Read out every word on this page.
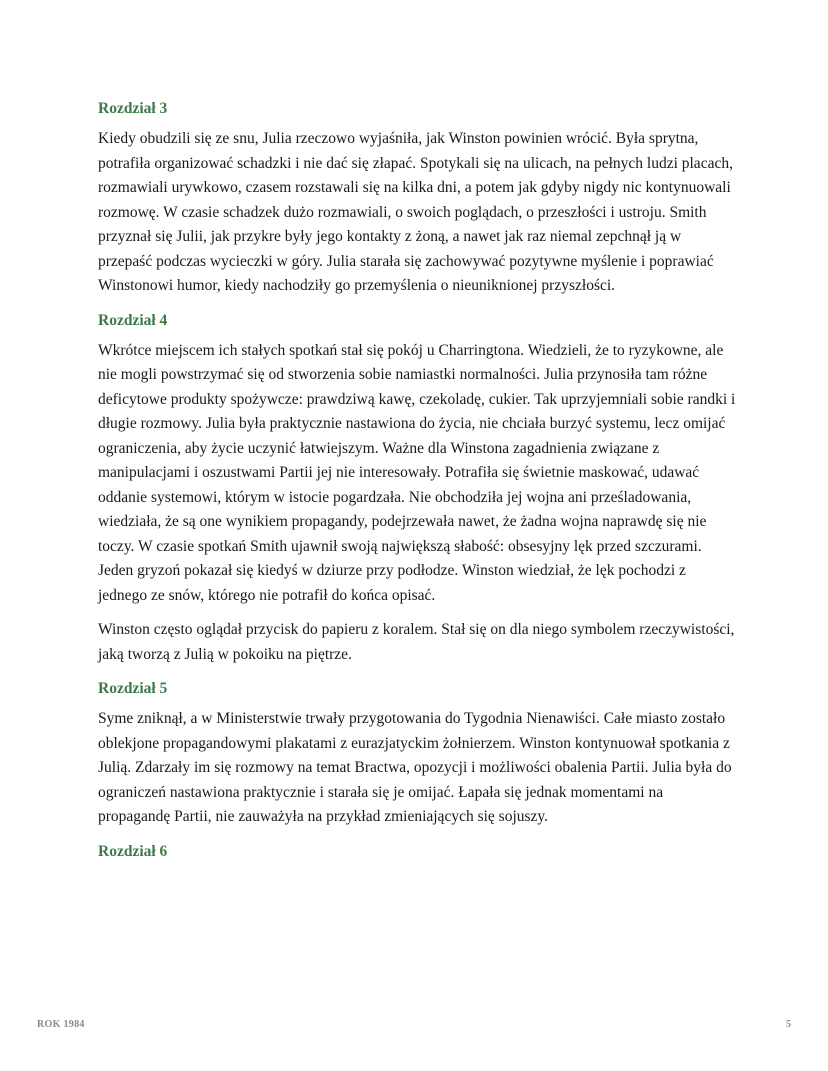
Rozdział 3

Kiedy obudzili się ze snu, Julia rzeczowo wyjaśniła, jak Winston powinien wrócić. Była sprytna, potrafiła organizować schadzki i nie dać się złapać. Spotykali się na ulicach, na pełnych ludzi placach, rozmawiali urywkowo, czasem rozstawali się na kilka dni, a potem jak gdyby nigdy nic kontynuowali rozmowę. W czasie schadzek dużo rozmawiali, o swoich poglądach, o przeszłości i ustroju. Smith przyznał się Julii, jak przykre były jego kontakty z żoną, a nawet jak raz niemal zepchnął ją w przepaść podczas wycieczki w góry. Julia starała się zachowywać pozytywne myślenie i poprawiać Winstonowi humor, kiedy nachodziły go przemyślenia o nieuniknionej przyszłości.

Rozdział 4

Wkrótce miejscem ich stałych spotkań stał się pokój u Charringtona. Wiedzieli, że to ryzykowne, ale nie mogli powstrzymać się od stworzenia sobie namiastki normalności. Julia przynosiła tam różne deficytowe produkty spożywcze: prawdziwą kawę, czekoladę, cukier. Tak uprzyjemniali sobie randki i długie rozmowy. Julia była praktycznie nastawiona do życia, nie chciała burzyć systemu, lecz omijać ograniczenia, aby życie uczynić łatwiejszym. Ważne dla Winstona zagadnienia związane z manipulacjami i oszustwami Partii jej nie interesowały. Potrafiła się świetnie maskować, udawać oddanie systemowi, którym w istocie pogardzała. Nie obchodziła jej wojna ani prześladowania, wiedziała, że są one wynikiem propagandy, podejrzewała nawet, że żadna wojna naprawdę się nie toczy. W czasie spotkań Smith ujawnił swoją największą słabość: obsesyjny lęk przed szczurami. Jeden gryzoń pokazał się kiedyś w dziurze przy podłodze. Winston wiedział, że lęk pochodzi z jednego ze snów, którego nie potrafił do końca opisać.

Winston często oglądał przycisk do papieru z koralem. Stał się on dla niego symbolem rzeczywistości, jaką tworzą z Julią w pokoiku na piętrze.

Rozdział 5

Syme zniknął, a w Ministerstwie trwały przygotowania do Tygodnia Nienawiści. Całe miasto zostało oblekjone propagandowymi plakatami z eurazjatyckim żołnierzem. Winston kontynuował spotkania z Julią. Zdarzały im się rozmowy na temat Bractwa, opozycji i możliwości obalenia Partii. Julia była do ograniczeń nastawiona praktycznie i starała się je omijać. Łapała się jednak momentami na propagandę Partii, nie zauważyła na przykład zmieniających się sojuszy.

Rozdział 6
ROK 1984	5
